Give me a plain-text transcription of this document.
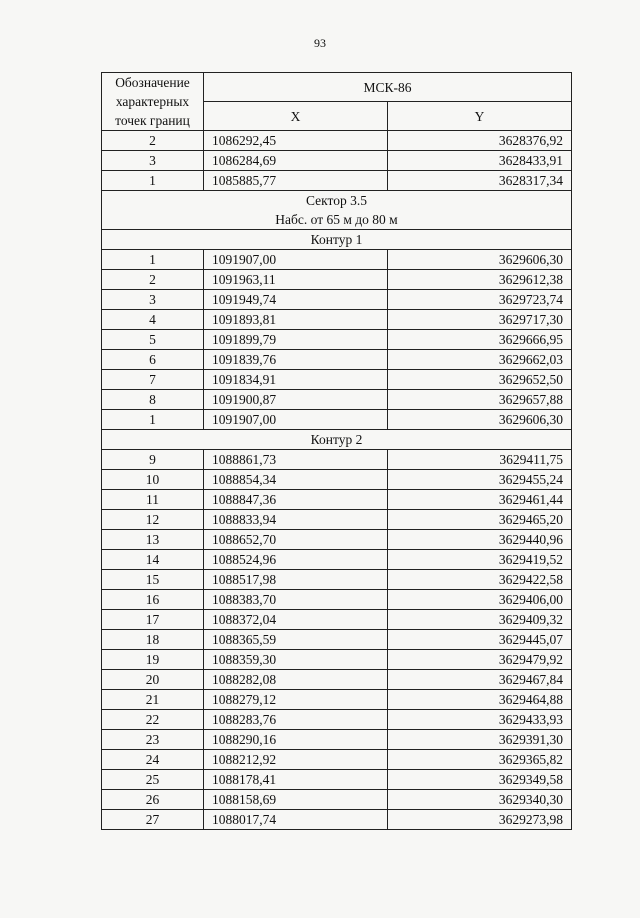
93
Обозначение характерных точек границ	МСК-86	
	X	Y
2	1086292,45	3628376,92
3	1086284,69	3628433,91
1	1085885,77	3628317,34

Сектор 3.5
Набс. от 65 м до 80 м		

Контур 1		
1	1091907,00	3629606,30
2	1091963,11	3629612,38
3	1091949,74	3629723,74
4	1091893,81	3629717,30
5	1091899,79	3629666,95
6	1091839,76	3629662,03
7	1091834,91	3629652,50
8	1091900,87	3629657,88
1	1091907,00	3629606,30
Контур 2		
9	1088861,73	3629411,75
10	1088854,34	3629455,24
11	1088847,36	3629461,44
12	1088833,94	3629465,20
13	1088652,70	3629440,96
14	1088524,96	3629419,52
15	1088517,98	3629422,58
16	1088383,70	3629406,00
17	1088372,04	3629409,32
18	1088365,59	3629445,07
19	1088359,30	3629479,92
20	1088282,08	3629467,84
21	1088279,12	3629464,88
22	1088283,76	3629433,93
23	1088290,16	3629391,30
24	1088212,92	3629365,82
25	1088178,41	3629349,58
26	1088158,69	3629340,30
27	1088017,74	3629273,98
